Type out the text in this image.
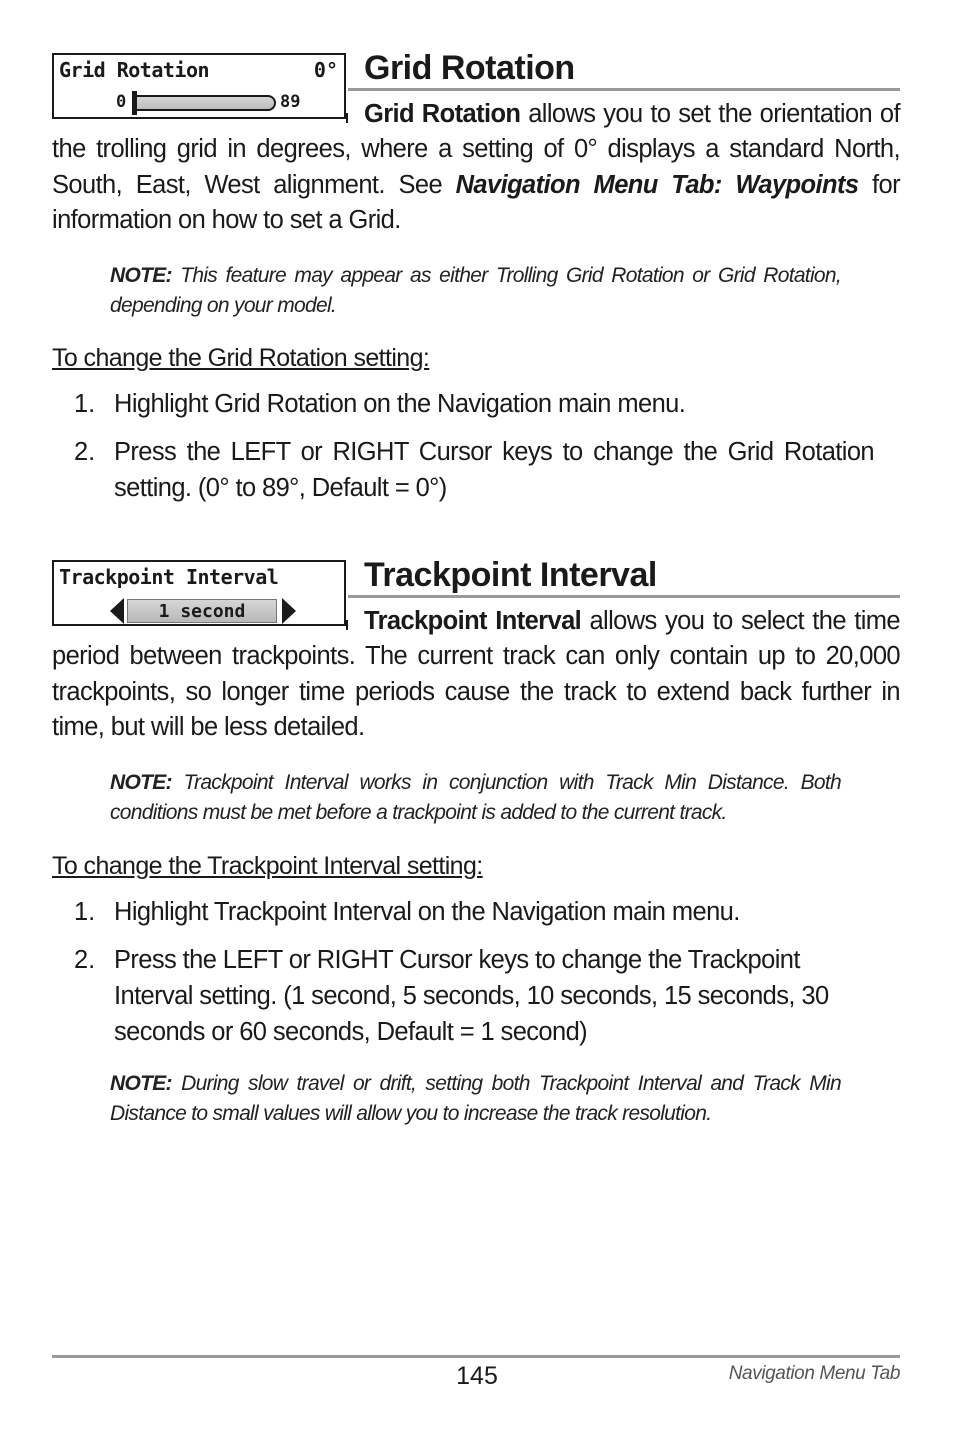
Grid Rotation	0°
0	89
Grid Rotation
Grid Rotation allows you to set the orientation of
the trolling grid in degrees, where a setting of 0° displays a standard North, South, East, West alignment. See Navigation Menu Tab: Waypoints for information on how to set a Grid.
NOTE: This feature may appear as either Trolling Grid Rotation or Grid Rotation, depending on your model.
To change the Grid Rotation setting:
1. Highlight Grid Rotation on the Navigation main menu.
2. Press the LEFT or RIGHT Cursor keys to change the Grid Rotation setting. (0° to 89°, Default = 0°)
Trackpoint Interval
1 second
Trackpoint Interval
Trackpoint Interval allows you to select the time
period between trackpoints. The current track can only contain up to 20,000 trackpoints, so longer time periods cause the track to extend back further in time, but will be less detailed.
NOTE: Trackpoint Interval works in conjunction with Track Min Distance. Both conditions must be met before a trackpoint is added to the current track.
To change the Trackpoint Interval setting:
1. Highlight Trackpoint Interval on the Navigation main menu.
2. Press the LEFT or RIGHT Cursor keys to change the Trackpoint Interval setting. (1 second, 5 seconds, 10 seconds, 15 seconds, 30 seconds or 60 seconds, Default = 1 second)
NOTE: During slow travel or drift, setting both Trackpoint Interval and Track Min Distance to small values will allow you to increase the track resolution.
145	Navigation Menu Tab
